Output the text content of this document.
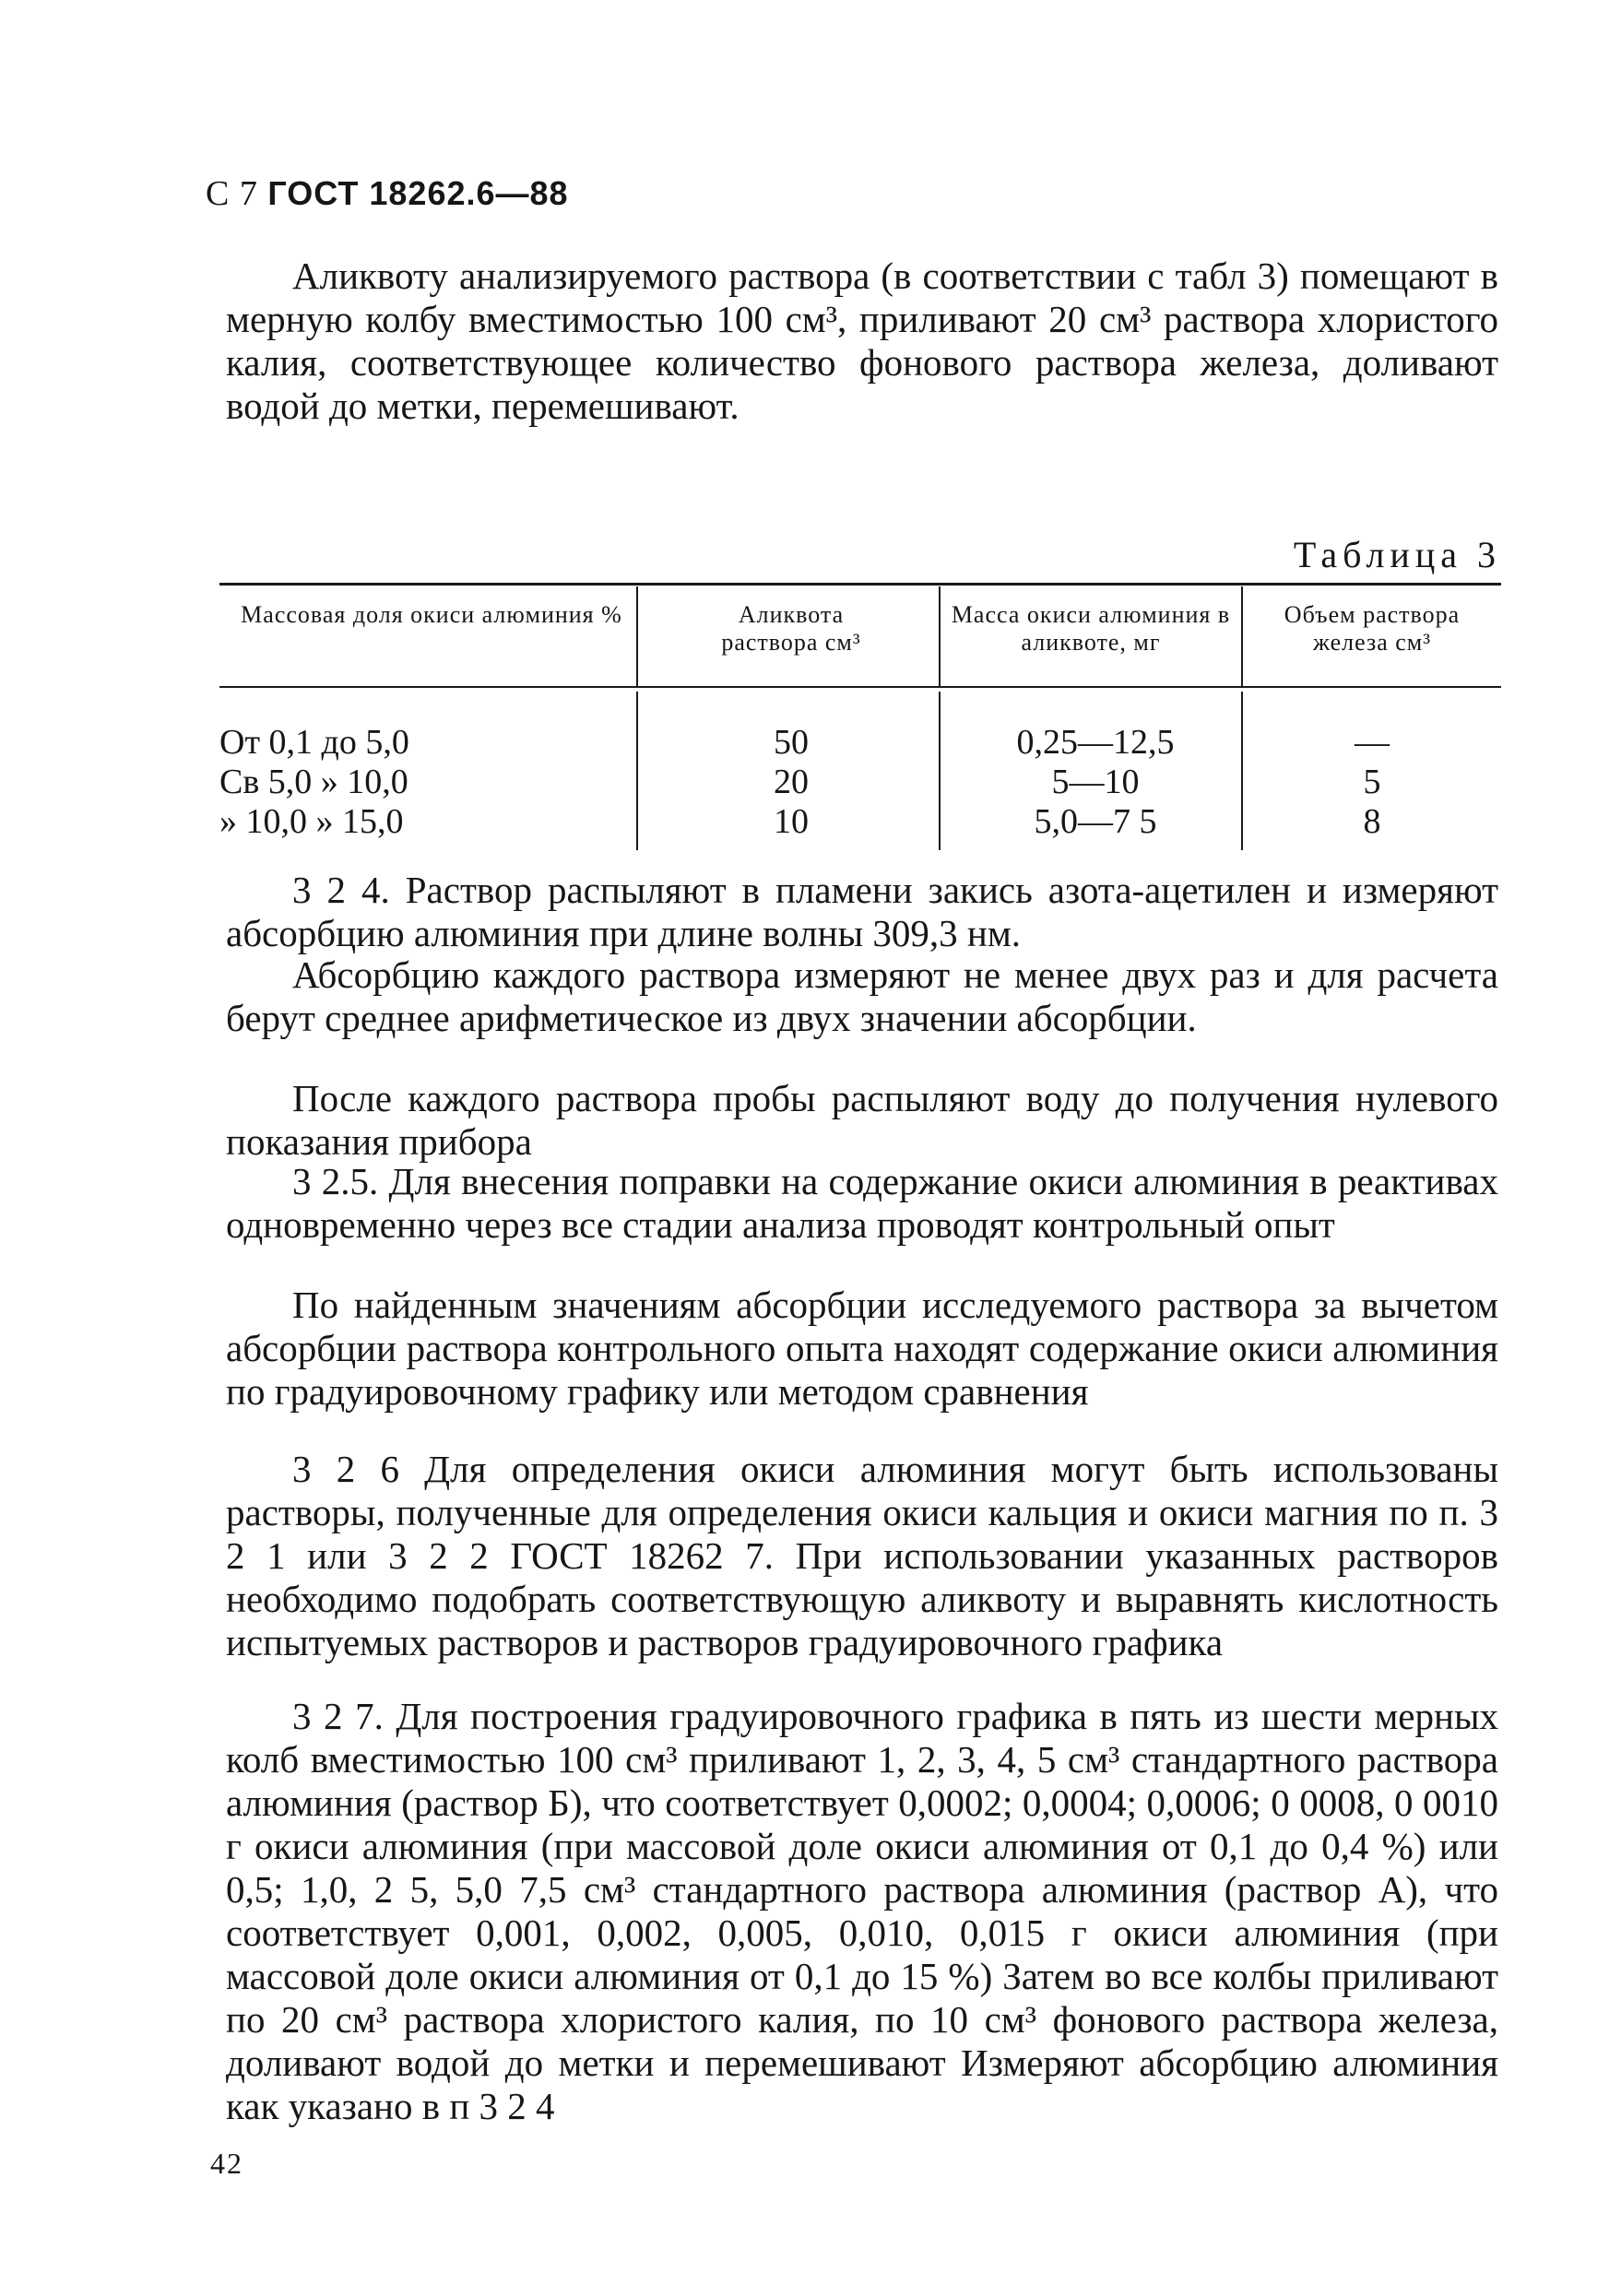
С 7 ГОСТ 18262.6—88

Аликвоту анализируемого раствора (в соответствии с табл 3) помещают в мерную колбу вместимостью 100 см³, приливают 20 см³ раствора хлористого калия, соответствующее количество фонового раствора железа, доливают водой до метки, перемешивают.

Таблица 3
Массовая доля окиси алюминия %	Аликвота раствора см³
Масса окиси алюминия в аликвоте, мг
Объем раствора железа см³
От 0,1 до 5,0
Св 5,0 » 10,0
» 10,0 » 15,0
50
20
10
0,25—12,5
5—10
5,0—7 5
—
5
8

3 2 4. Раствор распыляют в пламени закись азота-ацетилен и измеряют абсорбцию алюминия при длине волны 309,3 нм.

Абсорбцию каждого раствора измеряют не менее двух раз и для расчета берут среднее арифметическое из двух значении абсорбции.

После каждого раствора пробы распыляют воду до получения нулевого показания прибора

3 2.5. Для внесения поправки на содержание окиси алюминия в реактивах одновременно через все стадии анализа проводят контрольный опыт

По найденным значениям абсорбции исследуемого раствора за вычетом абсорбции раствора контрольного опыта находят содержание окиси алюминия по градуировочному графику или методом сравнения

3 2 6 Для определения окиси алюминия могут быть использованы растворы, полученные для определения окиси кальция и окиси магния по п. 3 2 1 или 3 2 2 ГОСТ 18262 7. При использовании указанных растворов необходимо подобрать соответствующую аликвоту и выравнять кислотность испытуемых растворов и растворов градуировочного графика

3 2 7. Для построения градуировочного графика в пять из шести мерных колб вместимостью 100 см³ приливают 1, 2, 3, 4, 5 см³ стандартного раствора алюминия (раствор Б), что соответствует 0,0002; 0,0004; 0,0006; 0 0008, 0 0010 г окиси алюминия (при массовой доле окиси алюминия от 0,1 до 0,4 %) или 0,5; 1,0, 2 5, 5,0 7,5 см³ стандартного раствора алюминия (раствор А), что соответствует 0,001, 0,002, 0,005, 0,010, 0,015 г окиси алюминия (при массовой доле окиси алюминия от 0,1 до 15 %) Затем во все колбы приливают по 20 см³ раствора хлористого калия, по 10 см³ фонового раствора железа, доливают водой до метки и перемешивают Измеряют абсорбцию алюминия как указано в п 3 2 4

42
